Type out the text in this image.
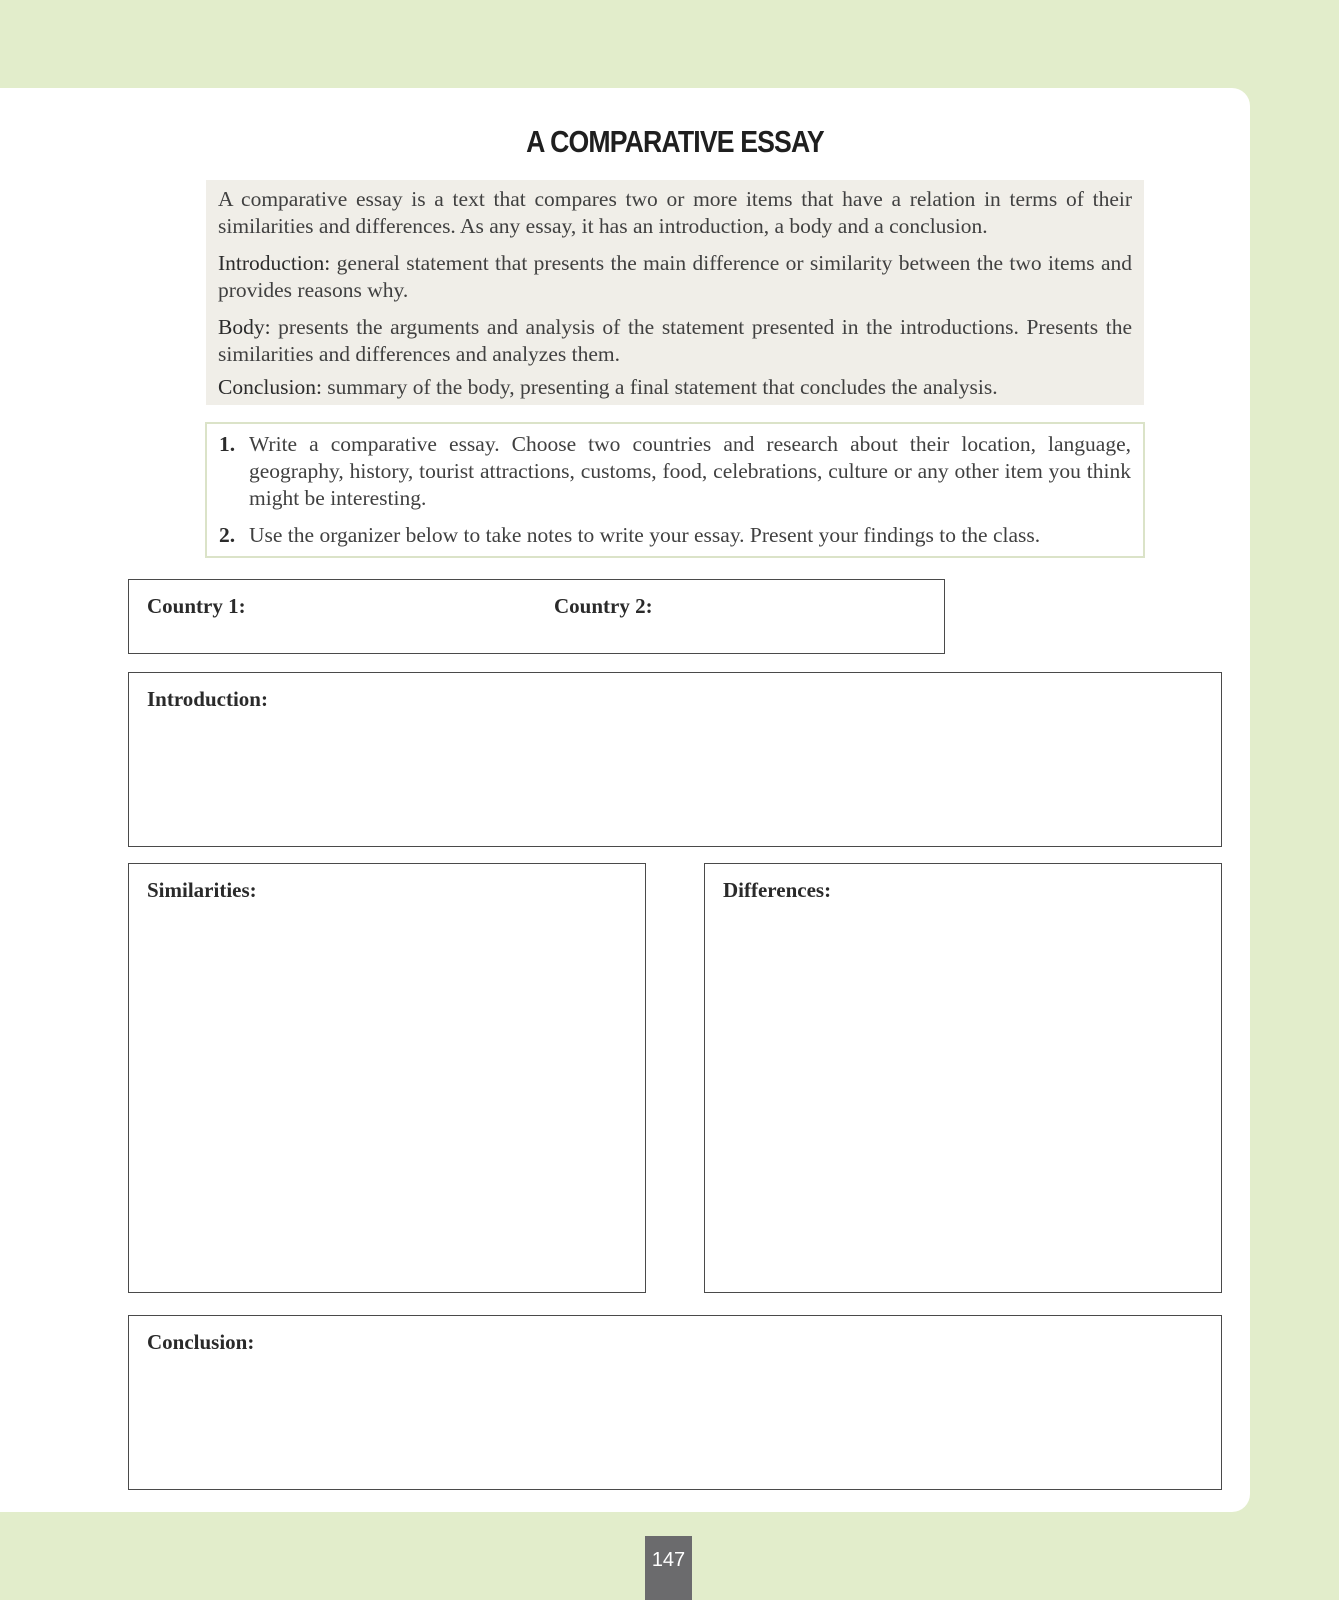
A COMPARATIVE ESSAY

A comparative essay is a text that compares two or more items that have a relation in terms of their similarities and differences. As any essay, it has an introduction, a body and a conclusion.

Introduction: general statement that presents the main difference or similarity between the two items and provides reasons why.

Body: presents the arguments and analysis of the statement presented in the introductions. Presents the similarities and differences and analyzes them.

Conclusion: summary of the body, presenting a final statement that concludes the analysis.

1. Write a comparative essay. Choose two countries and research about their location, language, geography, history, tourist attractions, customs, food, celebrations, culture or any other item you think might be interesting.
2. Use the organizer below to take notes to write your essay. Present your findings to the class.
Country 1:	Country 2:
Introduction:
Similarities:	Differences:
Conclusion:
147
